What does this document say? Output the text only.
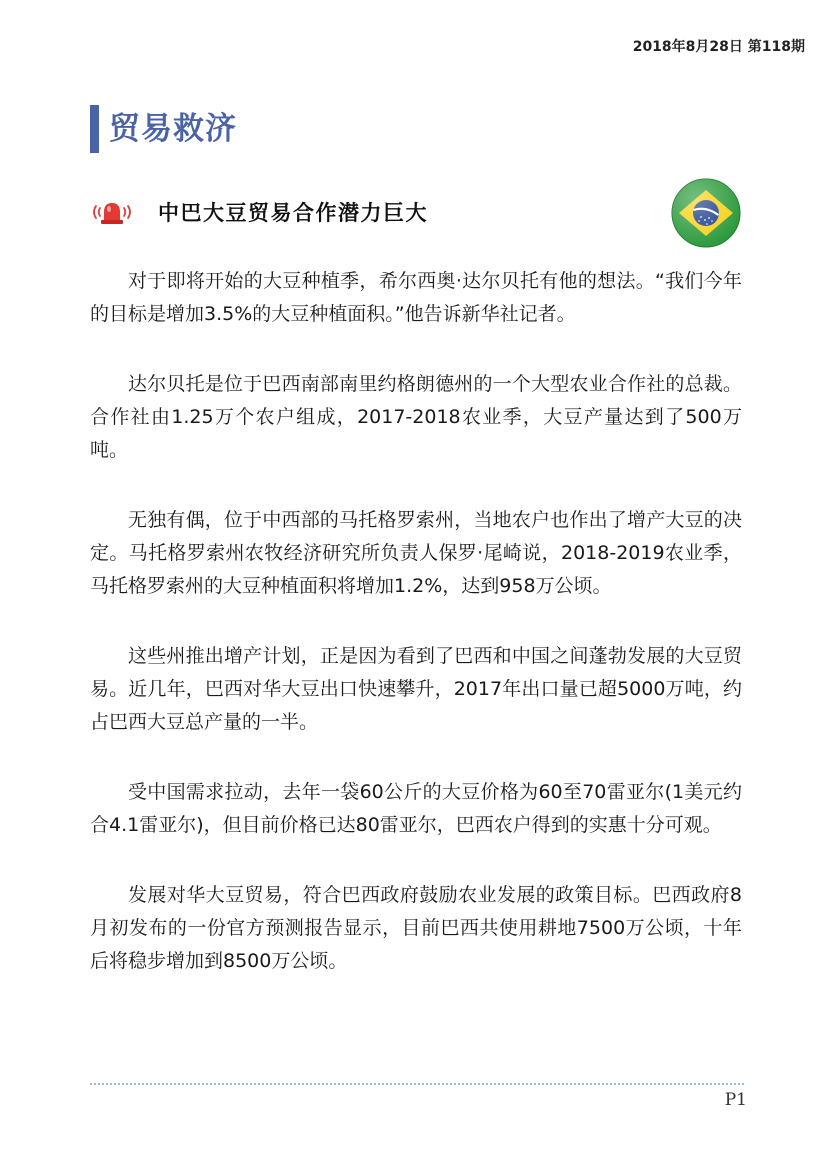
2018年8月28日 第118期
贸易救济
中巴大豆贸易合作潜力巨大

对于即将开始的大豆种植季，希尔西奥·达尔贝托有他的想法。“我们今年的目标是增加3.5%的大豆种植面积。”他告诉新华社记者。

达尔贝托是位于巴西南部南里约格朗德州的一个大型农业合作社的总裁。合作社由1.25万个农户组成，2017-2018农业季，大豆产量达到了500万吨。

无独有偶，位于中西部的马托格罗索州，当地农户也作出了增产大豆的决定。马托格罗索州农牧经济研究所负责人保罗·尾崎说，2018-2019农业季，马托格罗索州的大豆种植面积将增加1.2%，达到958万公顷。

这些州推出增产计划，正是因为看到了巴西和中国之间蓬勃发展的大豆贸易。近几年，巴西对华大豆出口快速攀升，2017年出口量已超5000万吨，约占巴西大豆总产量的一半。

受中国需求拉动，去年一袋60公斤的大豆价格为60至70雷亚尔(1美元约合4.1雷亚尔)，但目前价格已达80雷亚尔，巴西农户得到的实惠十分可观。

发展对华大豆贸易，符合巴西政府鼓励农业发展的政策目标。巴西政府8月初发布的一份官方预测报告显示，目前巴西共使用耕地7500万公顷，十年后将稳步增加到8500万公顷。

P1
